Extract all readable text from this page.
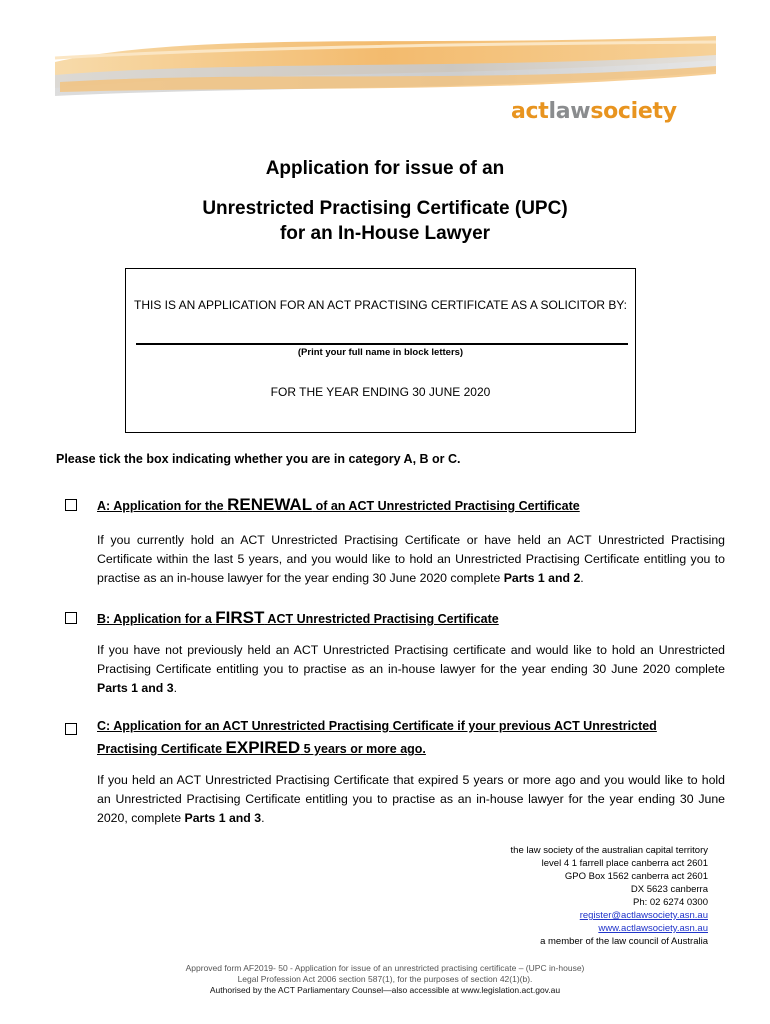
actlawsociety
Application for issue of an
Unrestricted Practising Certificate (UPC)
for an In-House Lawyer
THIS IS AN APPLICATION FOR AN ACT PRACTISING CERTIFICATE AS A SOLICITOR BY:
(Print your full name in block letters)
FOR THE YEAR ENDING 30 JUNE 2020
Please tick the box indicating whether you are in category A, B or C.
A: Application for the RENEWAL of an ACT Unrestricted Practising Certificate
If you currently hold an ACT Unrestricted Practising Certificate or have held an ACT Unrestricted Practising Certificate within the last 5 years, and you would like to hold an Unrestricted Practising Certificate entitling you to practise as an in-house lawyer for the year ending 30 June 2020 complete Parts 1 and 2.
B: Application for a FIRST ACT Unrestricted Practising Certificate
If you have not previously held an ACT Unrestricted Practising certificate and would like to hold an Unrestricted Practising Certificate entitling you to practise as an in-house lawyer for the year ending 30 June 2020 complete Parts 1 and 3.
C: Application for an ACT Unrestricted Practising Certificate if your previous ACT Unrestricted
Practising Certificate EXPIRED 5 years or more ago.
If you held an ACT Unrestricted Practising Certificate that expired 5 years or more ago and you would like to hold an Unrestricted Practising Certificate entitling you to practise as an in-house lawyer for the year ending 30 June 2020, complete Parts 1 and 3.
the law society of the australian capital territory
level 4 1 farrell place canberra act 2601
GPO Box 1562 canberra act 2601
DX 5623 canberra
Ph: 02 6274 0300
register@actlawsociety.asn.au
www.actlawsociety.asn.au
a member of the law council of Australia
Approved form AF2019- 50 - Application for issue of an unrestricted practising certificate – (UPC in-house)
Legal Profession Act 2006 section 587(1), for the purposes of section 42(1)(b).
Authorised by the ACT Parliamentary Counsel—also accessible at www.legislation.act.gov.au
